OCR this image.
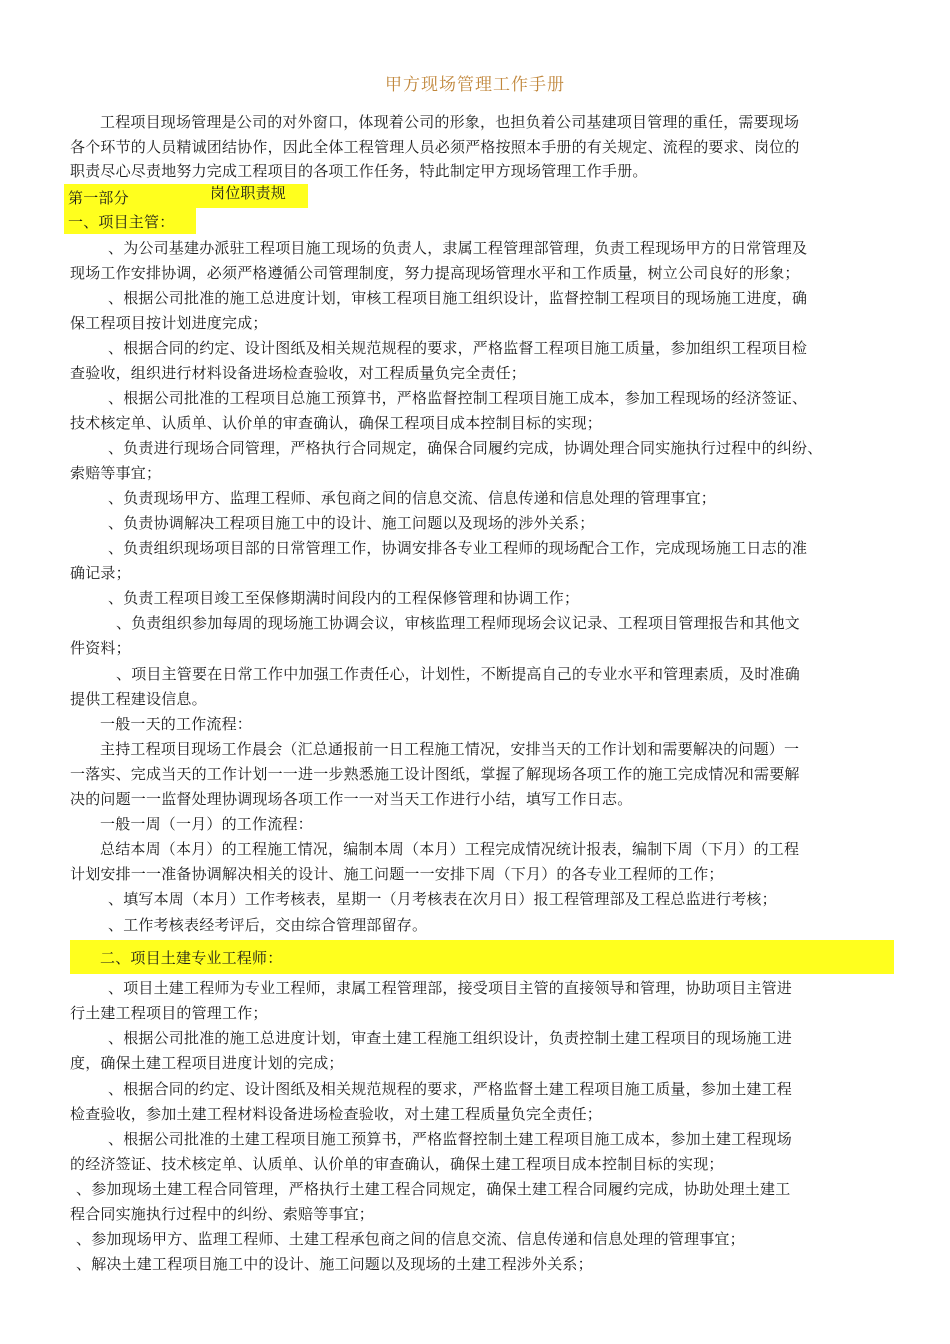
甲方现场管理工作手册
工程项目现场管理是公司的对外窗口，体现着公司的形象，也担负着公司基建项目管理的重任，需要现场
各个环节的人员精诚团结协作，因此全体工程管理人员必须严格按照本手册的有关规定、流程的要求、岗位的
职责尽心尽责地努力完成工程项目的各项工作任务，特此制定甲方现场管理工作手册。
第一部分	岗位职责规
一、项目主管：
、为公司基建办派驻工程项目施工现场的负责人，隶属工程管理部管理，负责工程现场甲方的日常管理及
现场工作安排协调，必须严格遵循公司管理制度，努力提高现场管理水平和工作质量，树立公司良好的形象；
、根据公司批准的施工总进度计划，审核工程项目施工组织设计，监督控制工程项目的现场施工进度，确
保工程项目按计划进度完成；
、根据合同的约定、设计图纸及相关规范规程的要求，严格监督工程项目施工质量，参加组织工程项目检
查验收，组织进行材料设备进场检查验收，对工程质量负完全责任；
、根据公司批准的工程项目总施工预算书，严格监督控制工程项目施工成本，参加工程现场的经济签证、
技术核定单、认质单、认价单的审查确认，确保工程项目成本控制目标的实现；
、负责进行现场合同管理，严格执行合同规定，确保合同履约完成，协调处理合同实施执行过程中的纠纷、
索赔等事宜；
、负责现场甲方、监理工程师、承包商之间的信息交流、信息传递和信息处理的管理事宜；
、负责协调解决工程项目施工中的设计、施工问题以及现场的涉外关系；
、负责组织现场项目部的日常管理工作，协调安排各专业工程师的现场配合工作，完成现场施工日志的准
确记录；
、负责工程项目竣工至保修期满时间段内的工程保修管理和协调工作；
、负责组织参加每周的现场施工协调会议，审核监理工程师现场会议记录、工程项目管理报告和其他文
件资料；
、项目主管要在日常工作中加强工作责任心，计划性，不断提高自己的专业水平和管理素质，及时准确
提供工程建设信息。
一般一天的工作流程：
主持工程项目现场工作晨会（汇总通报前一日工程施工情况，安排当天的工作计划和需要解决的问题）一
一落实、完成当天的工作计划一一进一步熟悉施工设计图纸，掌握了解现场各项工作的施工完成情况和需要解
决的问题一一监督处理协调现场各项工作一一对当天工作进行小结，填写工作日志。
一般一周（一月）的工作流程：
总结本周（本月）的工程施工情况，编制本周（本月）工程完成情况统计报表，编制下周（下月）的工程
计划安排一一准备协调解决相关的设计、施工问题一一安排下周（下月）的各专业工程师的工作；
、填写本周（本月）工作考核表，星期一（月考核表在次月日）报工程管理部及工程总监进行考核；
、工作考核表经考评后，交由综合管理部留存。
二、项目土建专业工程师：
、项目土建工程师为专业工程师，隶属工程管理部，接受项目主管的直接领导和管理，协助项目主管进
行土建工程项目的管理工作；
、根据公司批准的施工总进度计划，审查土建工程施工组织设计，负责控制土建工程项目的现场施工进
度，确保土建工程项目进度计划的完成；
、根据合同的约定、设计图纸及相关规范规程的要求，严格监督土建工程项目施工质量，参加土建工程
检查验收，参加土建工程材料设备进场检查验收，对土建工程质量负完全责任；
、根据公司批准的土建工程项目施工预算书，严格监督控制土建工程项目施工成本，参加土建工程现场
的经济签证、技术核定单、认质单、认价单的审查确认，确保土建工程项目成本控制目标的实现；
、参加现场土建工程合同管理，严格执行土建工程合同规定，确保土建工程合同履约完成，协助处理土建工
程合同实施执行过程中的纠纷、索赔等事宜；
、参加现场甲方、监理工程师、土建工程承包商之间的信息交流、信息传递和信息处理的管理事宜；
、解决土建工程项目施工中的设计、施工问题以及现场的土建工程涉外关系；
